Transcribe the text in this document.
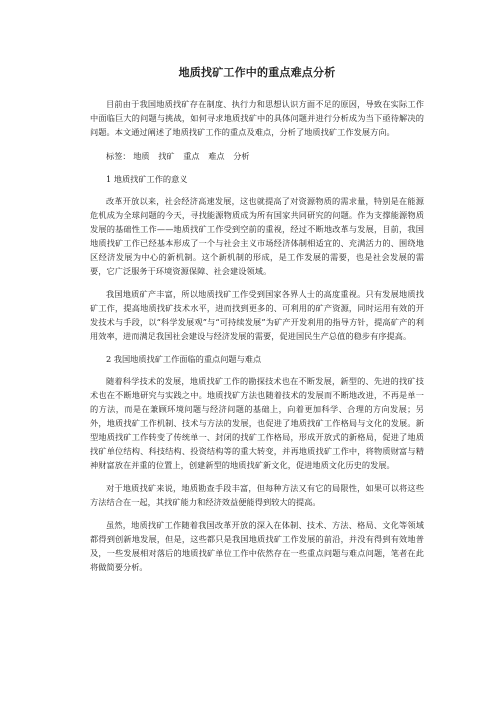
地质找矿工作中的重点难点分析

目前由于我国地质找矿存在制度、执行力和思想认识方面不足的原因，导致在实际工作中面临巨大的问题与挑战，如何寻求地质找矿中的具体问题并进行分析成为当下亟待解决的问题。本文通过阐述了地质找矿工作的重点及难点，分析了地质找矿工作发展方向。

标签： 地质 找矿 重点 难点 分析
1 地质找矿工作的意义

改革开放以来，社会经济高速发展，这也就提高了对资源物质的需求量，特别是在能源危机成为全球问题的今天，寻找能源物质成为所有国家共同研究的问题。作为支撑能源物质发展的基础性工作——地质找矿工作受到空前的重视，经过不断地改革与发展，目前，我国地质找矿工作已经基本形成了一个与社会主义市场经济体制相适宜的、充满活力的、围绕地区经济发展为中心的新机制。这个新机制的形成，是工作发展的需要，也是社会发展的需要，它广泛服务于环境资源保障、社会建设领域。

我国地质矿产丰富，所以地质找矿工作受到国家各界人士的高度重视。只有发展地质找矿工作，提高地质找矿技术水平，进而找到更多的、可利用的矿产资源，同时运用有效的开发技术与手段，以“科学发展观”与“可持续发展”为矿产开发利用的指导方针，提高矿产的利用效率，进而满足我国社会建设与经济发展的需要，促进国民生产总值的稳步有序提高。

2 我国地质找矿工作面临的重点问题与难点

随着科学技术的发展，地质找矿工作的勘探技术也在不断发展，新型的、先进的找矿技术也在不断地研究与实践之中。地质找矿方法也随着技术的发展而不断地改进，不再是单一的方法，而是在兼顾环境问题与经济问题的基础上，向着更加科学、合理的方向发展；另外，地质找矿工作机制、技术与方法的发展，也促进了地质找矿工作格局与文化的发展。新型地质找矿工作转变了传统单一、封闭的找矿工作格局，形成开放式的新格局，促进了地质找矿单位结构、科技结构、投资结构等的重大转变，并再地质找矿工作中，将物质财富与精神财富放在并重的位置上，创建新型的地质找矿新文化，促进地质文化历史的发展。

对于地质找矿来说，地质勘查手段丰富，但每种方法又有它的局限性，如果可以将这些方法结合在一起，其找矿能力和经济效益便能得到较大的提高。

虽然，地质找矿工作随着我国改革开放的深入在体制、技术、方法、格局、文化等领域都得到创新地发展，但是，这些都只是我国地质找矿工作发展的前沿，并没有得到有效地普及，一些发展相对落后的地质找矿单位工作中依然存在一些重点问题与难点问题，笔者在此将做简要分析。
